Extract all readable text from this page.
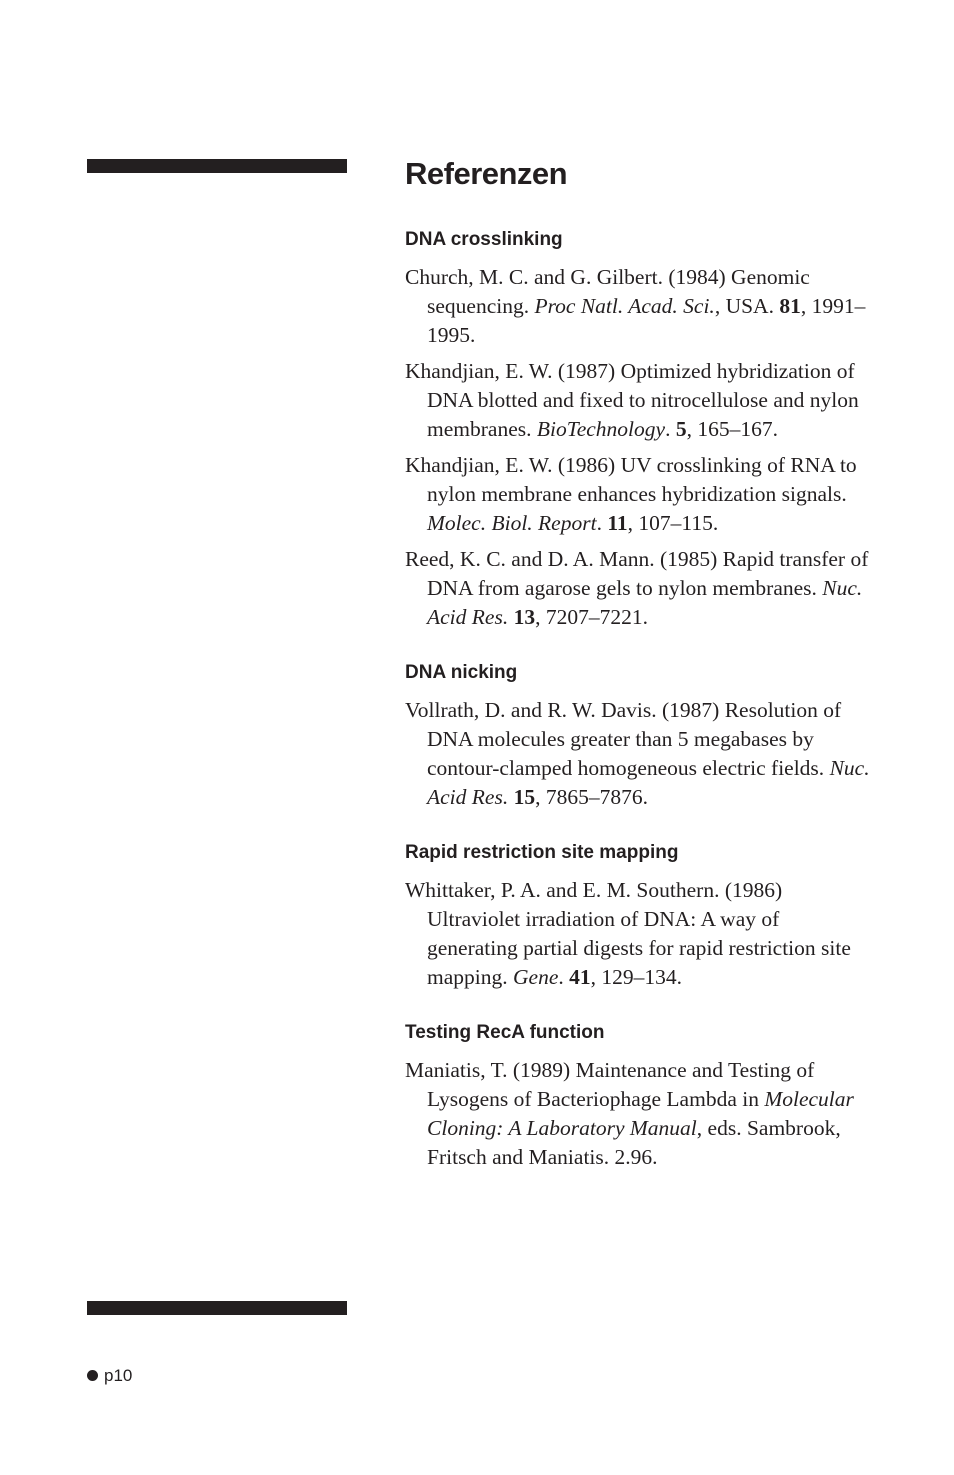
Referenzen
DNA crosslinking

Church, M. C. and G. Gilbert. (1984) Genomic sequencing. Proc Natl. Acad. Sci., USA. 81, 1991–1995.

Khandjian, E. W. (1987) Optimized hybridization of DNA blotted and fixed to nitrocellulose and nylon membranes. BioTechnology. 5, 165–167.

Khandjian, E. W. (1986) UV crosslinking of RNA to nylon membrane enhances hybridization signals. Molec. Biol. Report. 11, 107–115.

Reed, K. C. and D. A. Mann. (1985) Rapid transfer of DNA from agarose gels to nylon membranes. Nuc. Acid Res. 13, 7207–7221.

DNA nicking

Vollrath, D. and R. W. Davis. (1987) Resolution of DNA molecules greater than 5 megabases by contour-clamped homogeneous electric fields. Nuc. Acid Res. 15, 7865–7876.

Rapid restriction site mapping

Whittaker, P. A. and E. M. Southern. (1986) Ultraviolet irradiation of DNA: A way of generating partial digests for rapid restriction site mapping. Gene. 41, 129–134.

Testing RecA function

Maniatis, T. (1989) Maintenance and Testing of Lysogens of Bacteriophage Lambda in Molecular Cloning: A Laboratory Manual, eds. Sambrook, Fritsch and Maniatis. 2.96.

p10
